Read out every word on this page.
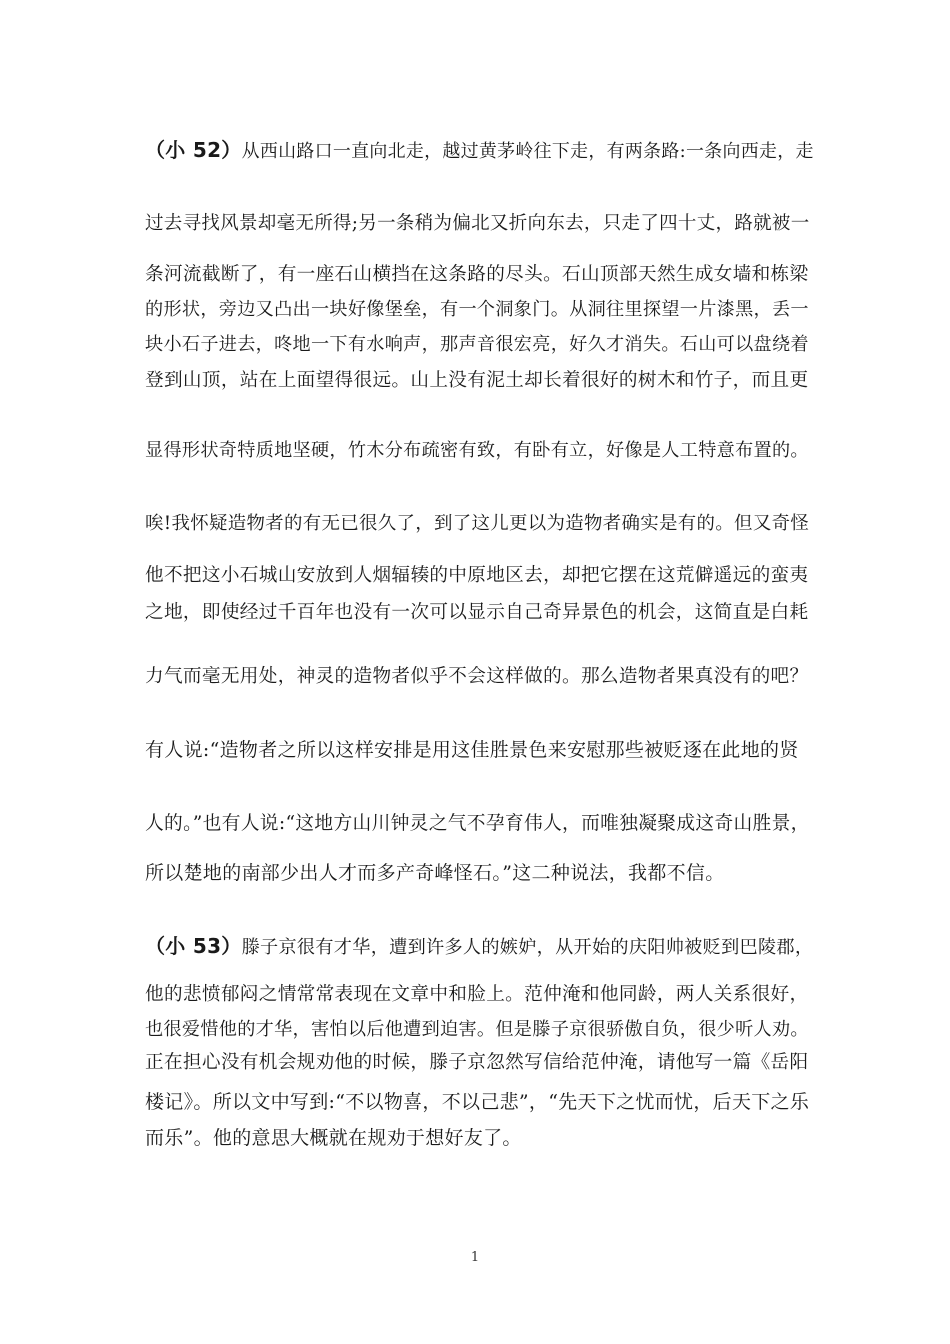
（小 52）从西山路口一直向北走，越过黄茅岭往下走，有两条路:一条向西走，走
过去寻找风景却毫无所得;另一条稍为偏北又折向东去，只走了四十丈，路就被一
条河流截断了，有一座石山横挡在这条路的尽头。石山顶部天然生成女墙和栋梁
的形状，旁边又凸出一块好像堡垒，有一个洞象门。从洞往里探望一片漆黑，丢一
块小石子进去，咚地一下有水响声，那声音很宏亮，好久才消失。石山可以盘绕着
登到山顶，站在上面望得很远。山上没有泥土却长着很好的树木和竹子，而且更
显得形状奇特质地坚硬，竹木分布疏密有致，有卧有立，好像是人工特意布置的。
唉!我怀疑造物者的有无已很久了，到了这儿更以为造物者确实是有的。但又奇怪
他不把这小石城山安放到人烟辐辏的中原地区去，却把它摆在这荒僻遥远的蛮夷
之地，即使经过千百年也没有一次可以显示自己奇异景色的机会，这简直是白耗
力气而毫无用处，神灵的造物者似乎不会这样做的。那么造物者果真没有的吧？
有人说:“造物者之所以这样安排是用这佳胜景色来安慰那些被贬逐在此地的贤
人的。”也有人说:“这地方山川钟灵之气不孕育伟人，而唯独凝聚成这奇山胜景，
所以楚地的南部少出人才而多产奇峰怪石。”这二种说法，我都不信。
（小 53）滕子京很有才华，遭到许多人的嫉妒，从开始的庆阳帅被贬到巴陵郡，
他的悲愤郁闷之情常常表现在文章中和脸上。范仲淹和他同龄，两人关系很好，
也很爱惜他的才华，害怕以后他遭到迫害。但是滕子京很骄傲自负，很少听人劝。
正在担心没有机会规劝他的时候，滕子京忽然写信给范仲淹，请他写一篇《岳阳
楼记》。所以文中写到:“不以物喜，不以己悲”，“先天下之忧而忧，后天下之乐
而乐”。他的意思大概就在规劝于想好友了。
1
